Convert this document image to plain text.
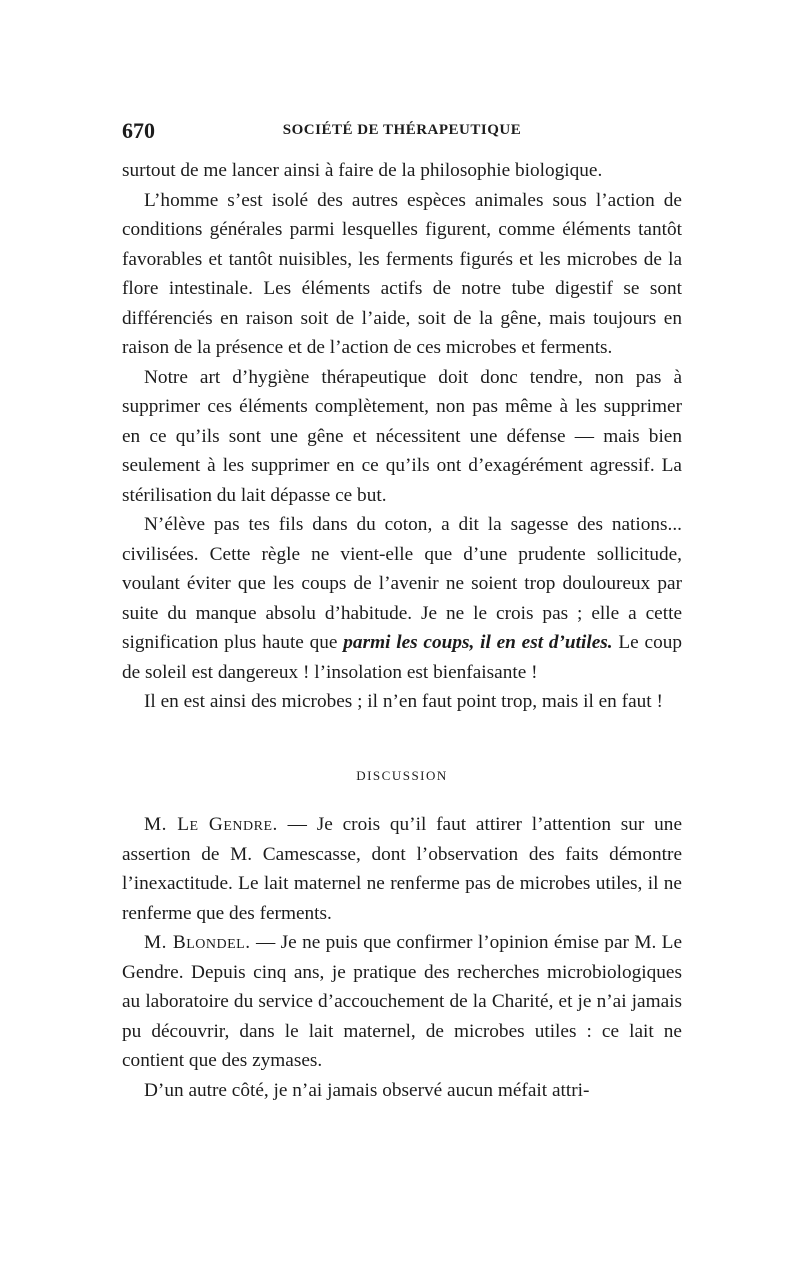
670	SOCIÉTÉ DE THÉRAPEUTIQUE

surtout de me lancer ainsi à faire de la philosophie biologique.

L’homme s’est isolé des autres espèces animales sous l’action de conditions générales parmi lesquelles figurent, comme éléments tantôt favorables et tantôt nuisibles, les ferments figurés et les microbes de la flore intestinale. Les éléments actifs de notre tube digestif se sont différenciés en raison soit de l’aide, soit de la gêne, mais toujours en raison de la présence et de l’action de ces microbes et ferments.

Notre art d’hygiène thérapeutique doit donc tendre, non pas à supprimer ces éléments complètement, non pas même à les supprimer en ce qu’ils sont une gêne et nécessitent une défense — mais bien seulement à les supprimer en ce qu’ils ont d’exagérément agressif. La stérilisation du lait dépasse ce but.

N’élève pas tes fils dans du coton, a dit la sagesse des nations... civilisées. Cette règle ne vient-elle que d’une prudente sollicitude, voulant éviter que les coups de l’avenir ne soient trop douloureux par suite du manque absolu d’habitude. Je ne le crois pas ; elle a cette signification plus haute que parmi les coups, il en est d’utiles. Le coup de soleil est dangereux ! l’insolation est bienfaisante !

Il en est ainsi des microbes ; il n’en faut point trop, mais il en faut !

DISCUSSION

M. Le Gendre. — Je crois qu’il faut attirer l’attention sur une assertion de M. Camescasse, dont l’observation des faits démontre l’inexactitude. Le lait maternel ne renferme pas de microbes utiles, il ne renferme que des ferments.

M. Blondel. — Je ne puis que confirmer l’opinion émise par M. Le Gendre. Depuis cinq ans, je pratique des recherches microbiologiques au laboratoire du service d’accouchement de la Charité, et je n’ai jamais pu découvrir, dans le lait maternel, de microbes utiles : ce lait ne contient que des zymases.

D’un autre côté, je n’ai jamais observé aucun méfait attri-
